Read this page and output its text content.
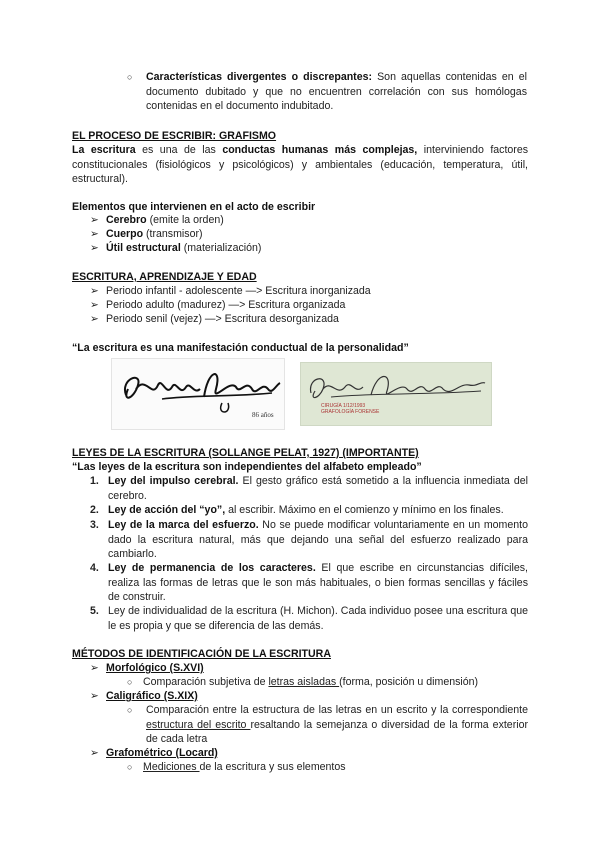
○ Características divergentes o discrepantes: Son aquellas contenidas en el documento dubitado y que no encuentren correlación con sus homólogas contenidas en el documento indubitado.
EL PROCESO DE ESCRIBIR: GRAFISMO
La escritura es una de las conductas humanas más complejas, interviniendo factores constitucionales (fisiológicos y psicológicos) y ambientales (educación, temperatura, útil, estructural).
Elementos que intervienen en el acto de escribir
➢ Cerebro (emite la orden)
➢ Cuerpo (transmisor)
➢ Útil estructural (materialización)
ESCRITURA, APRENDIZAJE Y EDAD
➢ Periodo infantil - adolescente —> Escritura inorganizada
➢ Periodo adulto (madurez) —> Escritura organizada
➢ Periodo senil (vejez) —> Escritura desorganizada
“La escritura es una manifestación conductual de la personalidad”
86 años
CIRUGÍA 1/12/1993 GRAFOLOGÍA FORENSE
LEYES DE LA ESCRITURA (SOLLANGE PELAT, 1927) (IMPORTANTE)
“Las leyes de la escritura son independientes del alfabeto empleado”
1. Ley del impulso cerebral. El gesto gráfico está sometido a la influencia inmediata del cerebro.
2. Ley de acción del “yo”, al escribir. Máximo en el comienzo y mínimo en los finales.
3. Ley de la marca del esfuerzo. No se puede modificar voluntariamente en un momento dado la escritura natural, más que dejando una señal del esfuerzo realizado para cambiarlo.
4. Ley de permanencia de los caracteres. El que escribe en circunstancias difíciles, realiza las formas de letras que le son más habituales, o bien formas sencillas y fáciles de construir.
5. Ley de individualidad de la escritura (H. Michon). Cada individuo posee una escritura que le es propia y que se diferencia de las demás.
MÉTODOS DE IDENTIFICACIÓN DE LA ESCRITURA
➢ Morfológico (S.XVI)
○ Comparación subjetiva de letras aisladas (forma, posición u dimensión)
➢ Caligráfico (S.XIX)
○ Comparación entre la estructura de las letras en un escrito y la correspondiente estructura del escrito resaltando la semejanza o diversidad de la forma exterior de cada letra
➢ Grafométrico (Locard)
○ Mediciones de la escritura y sus elementos
